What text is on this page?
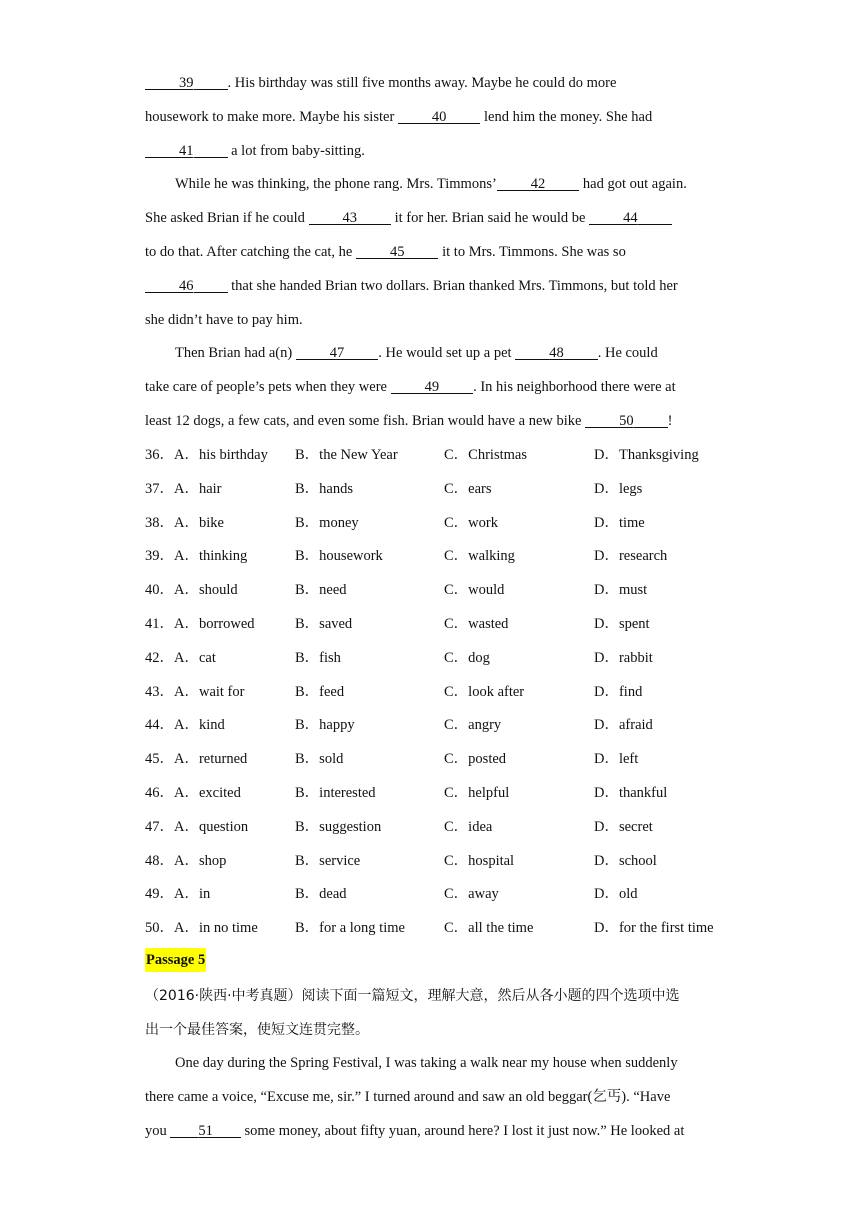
39 . His birthday was still five months away. Maybe he could do more
housework to make more. Maybe his sister 40 lend him the money. She had
41 a lot from baby-sitting.
While he was thinking, the phone rang. Mrs. Timmons’ 42 had got out again.
She asked Brian if he could 43 it for her. Brian said he would be 44
to do that. After catching the cat, he 45 it to Mrs. Timmons. She was so
46 that she handed Brian two dollars. Brian thanked Mrs. Timmons, but told her
she didn’t have to pay him.
Then Brian had a(n) 47 . He would set up a pet 48 . He could
take care of people’s pets when they were 49 . In his neighborhood there were at
least 12 dogs, a few cats, and even some fish. Brian would have a new bike 50 !
36．A．his birthday B．the New Year	C．Christmas	D．Thanksgiving
37．A．hair	B．hands	C．ears	D．legs
38．A．bike	B．money	C．work	D．time
39．A．thinking	B．housework	C．walking	D．research
40．A．should	B．need	C．would	D．must
41．A．borrowed	B．saved	C．wasted	D．spent
42．A．cat	B．fish	C．dog	D．rabbit
43．A．wait for	B．feed	C．look after	D．find
44．A．kind	B．happy	C．angry	D．afraid
45．A．returned	B．sold	C．posted	D．left
46．A．excited	B．interested	C．helpful	D．thankful
47．A．question	B．suggestion	C．idea	D．secret
48．A．shop	B．service	C．hospital	D．school
49．A．in	B．dead	C．away	D．old
50．A．in no time	B．for a long time	C．all the time	D．for the first time
Passage 5
（2016·陕西·中考真题）阅读下面一篇短文，理解大意，然后从各小题的四个选项中选
出一个最佳答案，使短文连贯完整。
One day during the Spring Festival, I was taking a walk near my house when suddenly
there came a voice, “Excuse me, sir.” I turned around and saw an old beggar(乞丐). “Have
you 51 some money, about fifty yuan, around here? I lost it just now.” He looked at
